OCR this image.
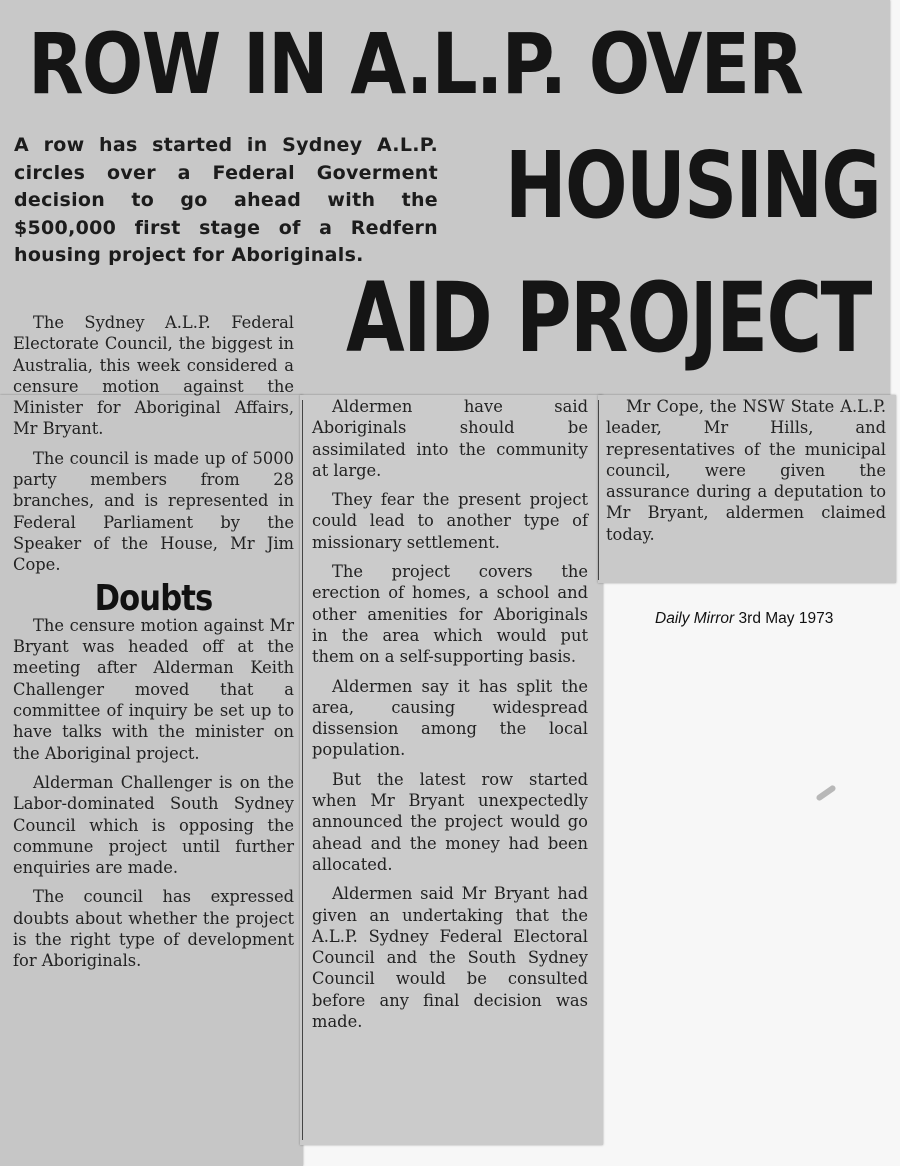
ROW IN A.L.P. OVER
HOUSING
AID PROJECT

A row has started in Sydney A.L.P. circles over a Federal Goverment decision to go ahead with the $500,000 first stage of a Redfern housing project for Aboriginals.

The Sydney A.L.P. Federal Electorate Council, the biggest in Australia, this week considered a censure motion against the Minister for Aboriginal Affairs, Mr Bryant.

The council is made up of 5000 party members from 28 branches, and is represented in Federal Parliament by the Speaker of the House, Mr Jim Cope.

Doubts

The censure motion against Mr Bryant was headed off at the meeting after Alderman Keith Challenger moved that a committee of inquiry be set up to have talks with the minister on the Aboriginal project.

Alderman Challenger is on the Labor-dominated South Sydney Council which is opposing the commune project until further enquiries are made.

The council has expressed doubts about whether the project is the right type of development for Aboriginals.

Aldermen have said Aboriginals should be assimilated into the community at large.

They fear the present project could lead to another type of missionary settlement.

The project covers the erection of homes, a school and other amenities for Aboriginals in the area which would put them on a self-supporting basis.

Aldermen say it has split the area, causing widespread dissension among the local population.

But the latest row started when Mr Bryant unexpectedly announced the project would go ahead and the money had been allocated.

Aldermen said Mr Bryant had given an undertaking that the A.L.P. Sydney Federal Electoral Council and the South Sydney Council would be consulted before any final decision was made.

Mr Cope, the NSW State A.L.P. leader, Mr Hills, and representatives of the municipal council, were given the assurance during a deputation to Mr Bryant, aldermen claimed today.

Daily Mirror 3rd May 1973
